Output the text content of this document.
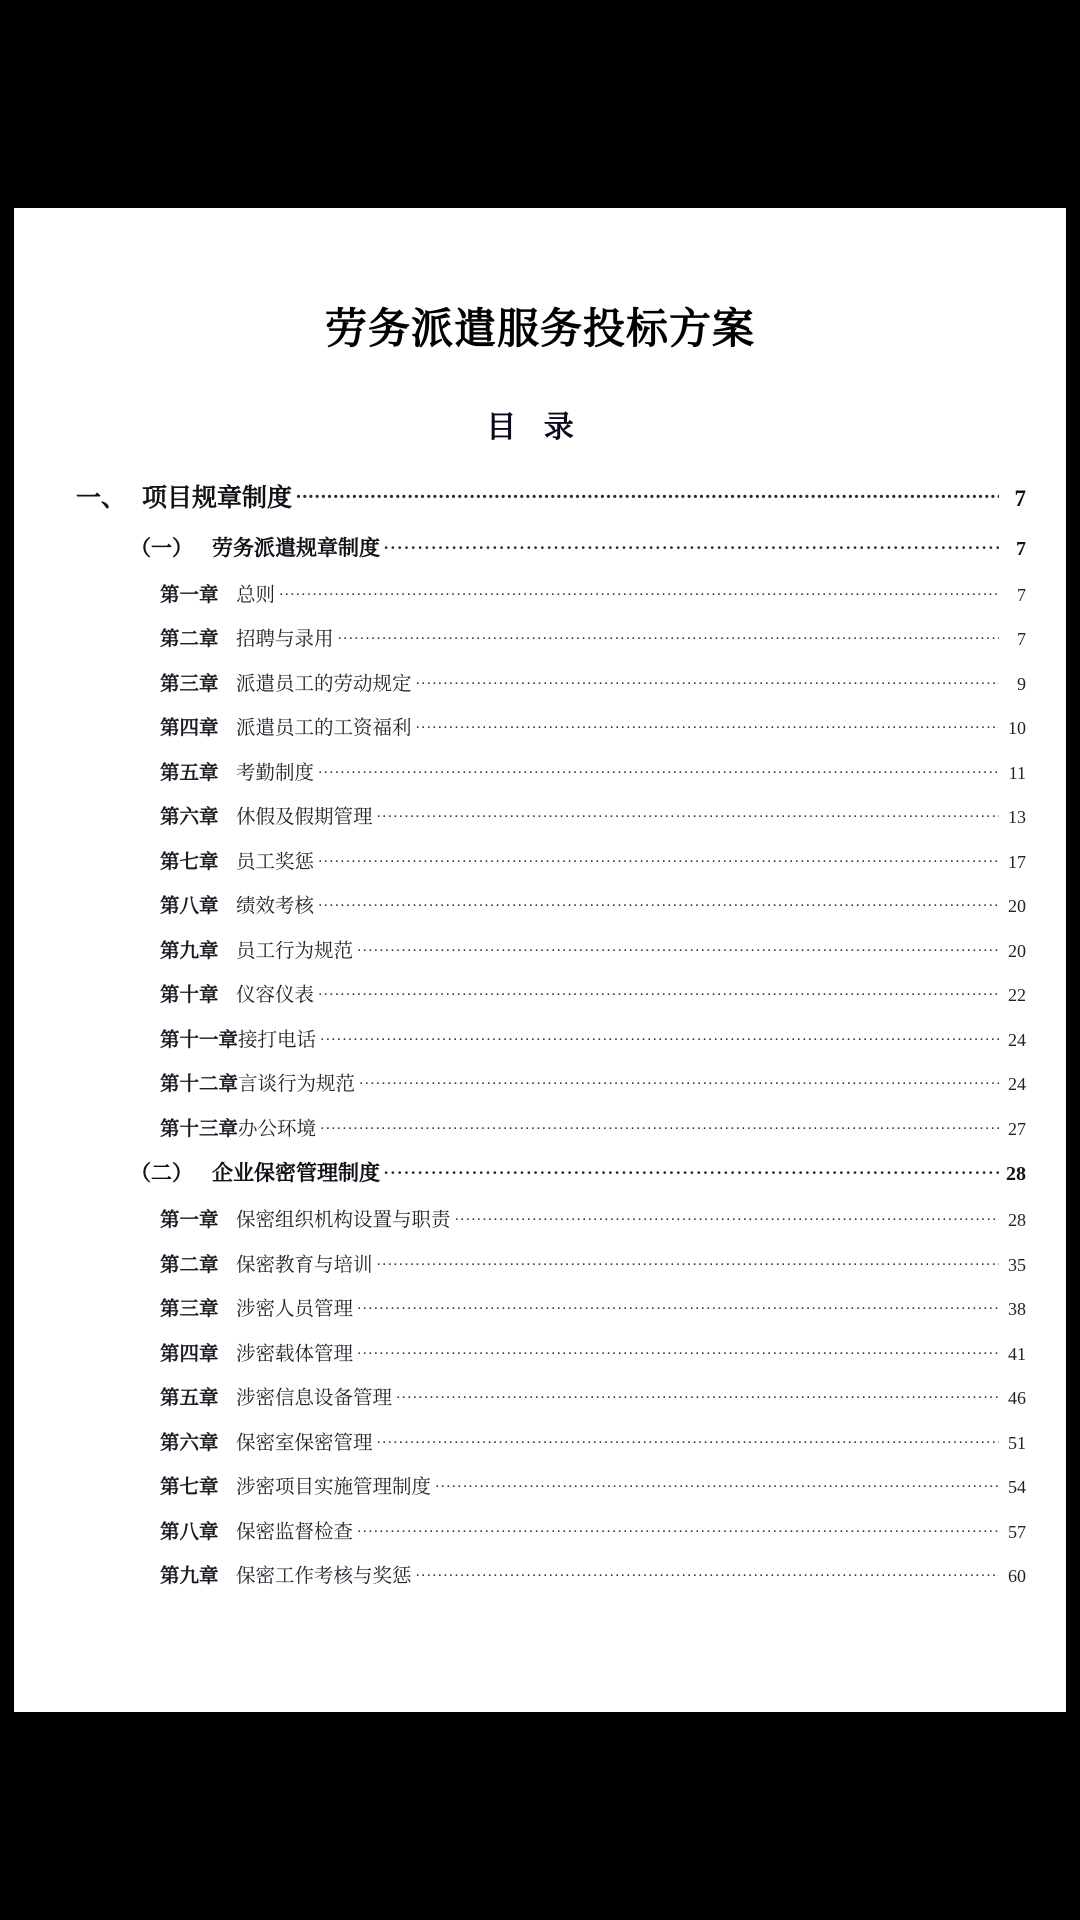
劳务派遣服务投标方案
目 录
一、 项目规章制度 .....	7
（一） 劳务派遣规章制度 .....	7
第一章 总则 .....	7
第二章 招聘与录用 .....	7
第三章 派遣员工的劳动规定 .....	9
第四章 派遣员工的工资福利 .....	10
第五章 考勤制度 .....	11
第六章 休假及假期管理 .....	13
第七章 员工奖惩 .....	17
第八章 绩效考核 .....	20
第九章 员工行为规范 .....	20
第十章 仪容仪表 .....	22
第十一章 接打电话 .....	24
第十二章 言谈行为规范 .....	24
第十三章 办公环境 .....	27
（二） 企业保密管理制度 .....	28
第一章 保密组织机构设置与职责 .....	28
第二章 保密教育与培训 .....	35
第三章 涉密人员管理 .....	38
第四章 涉密载体管理 .....	41
第五章 涉密信息设备管理 .....	46
第六章 保密室保密管理 .....	51
第七章 涉密项目实施管理制度 .....	54
第八章 保密监督检查 .....	57
第九章 保密工作考核与奖惩 .....	60
